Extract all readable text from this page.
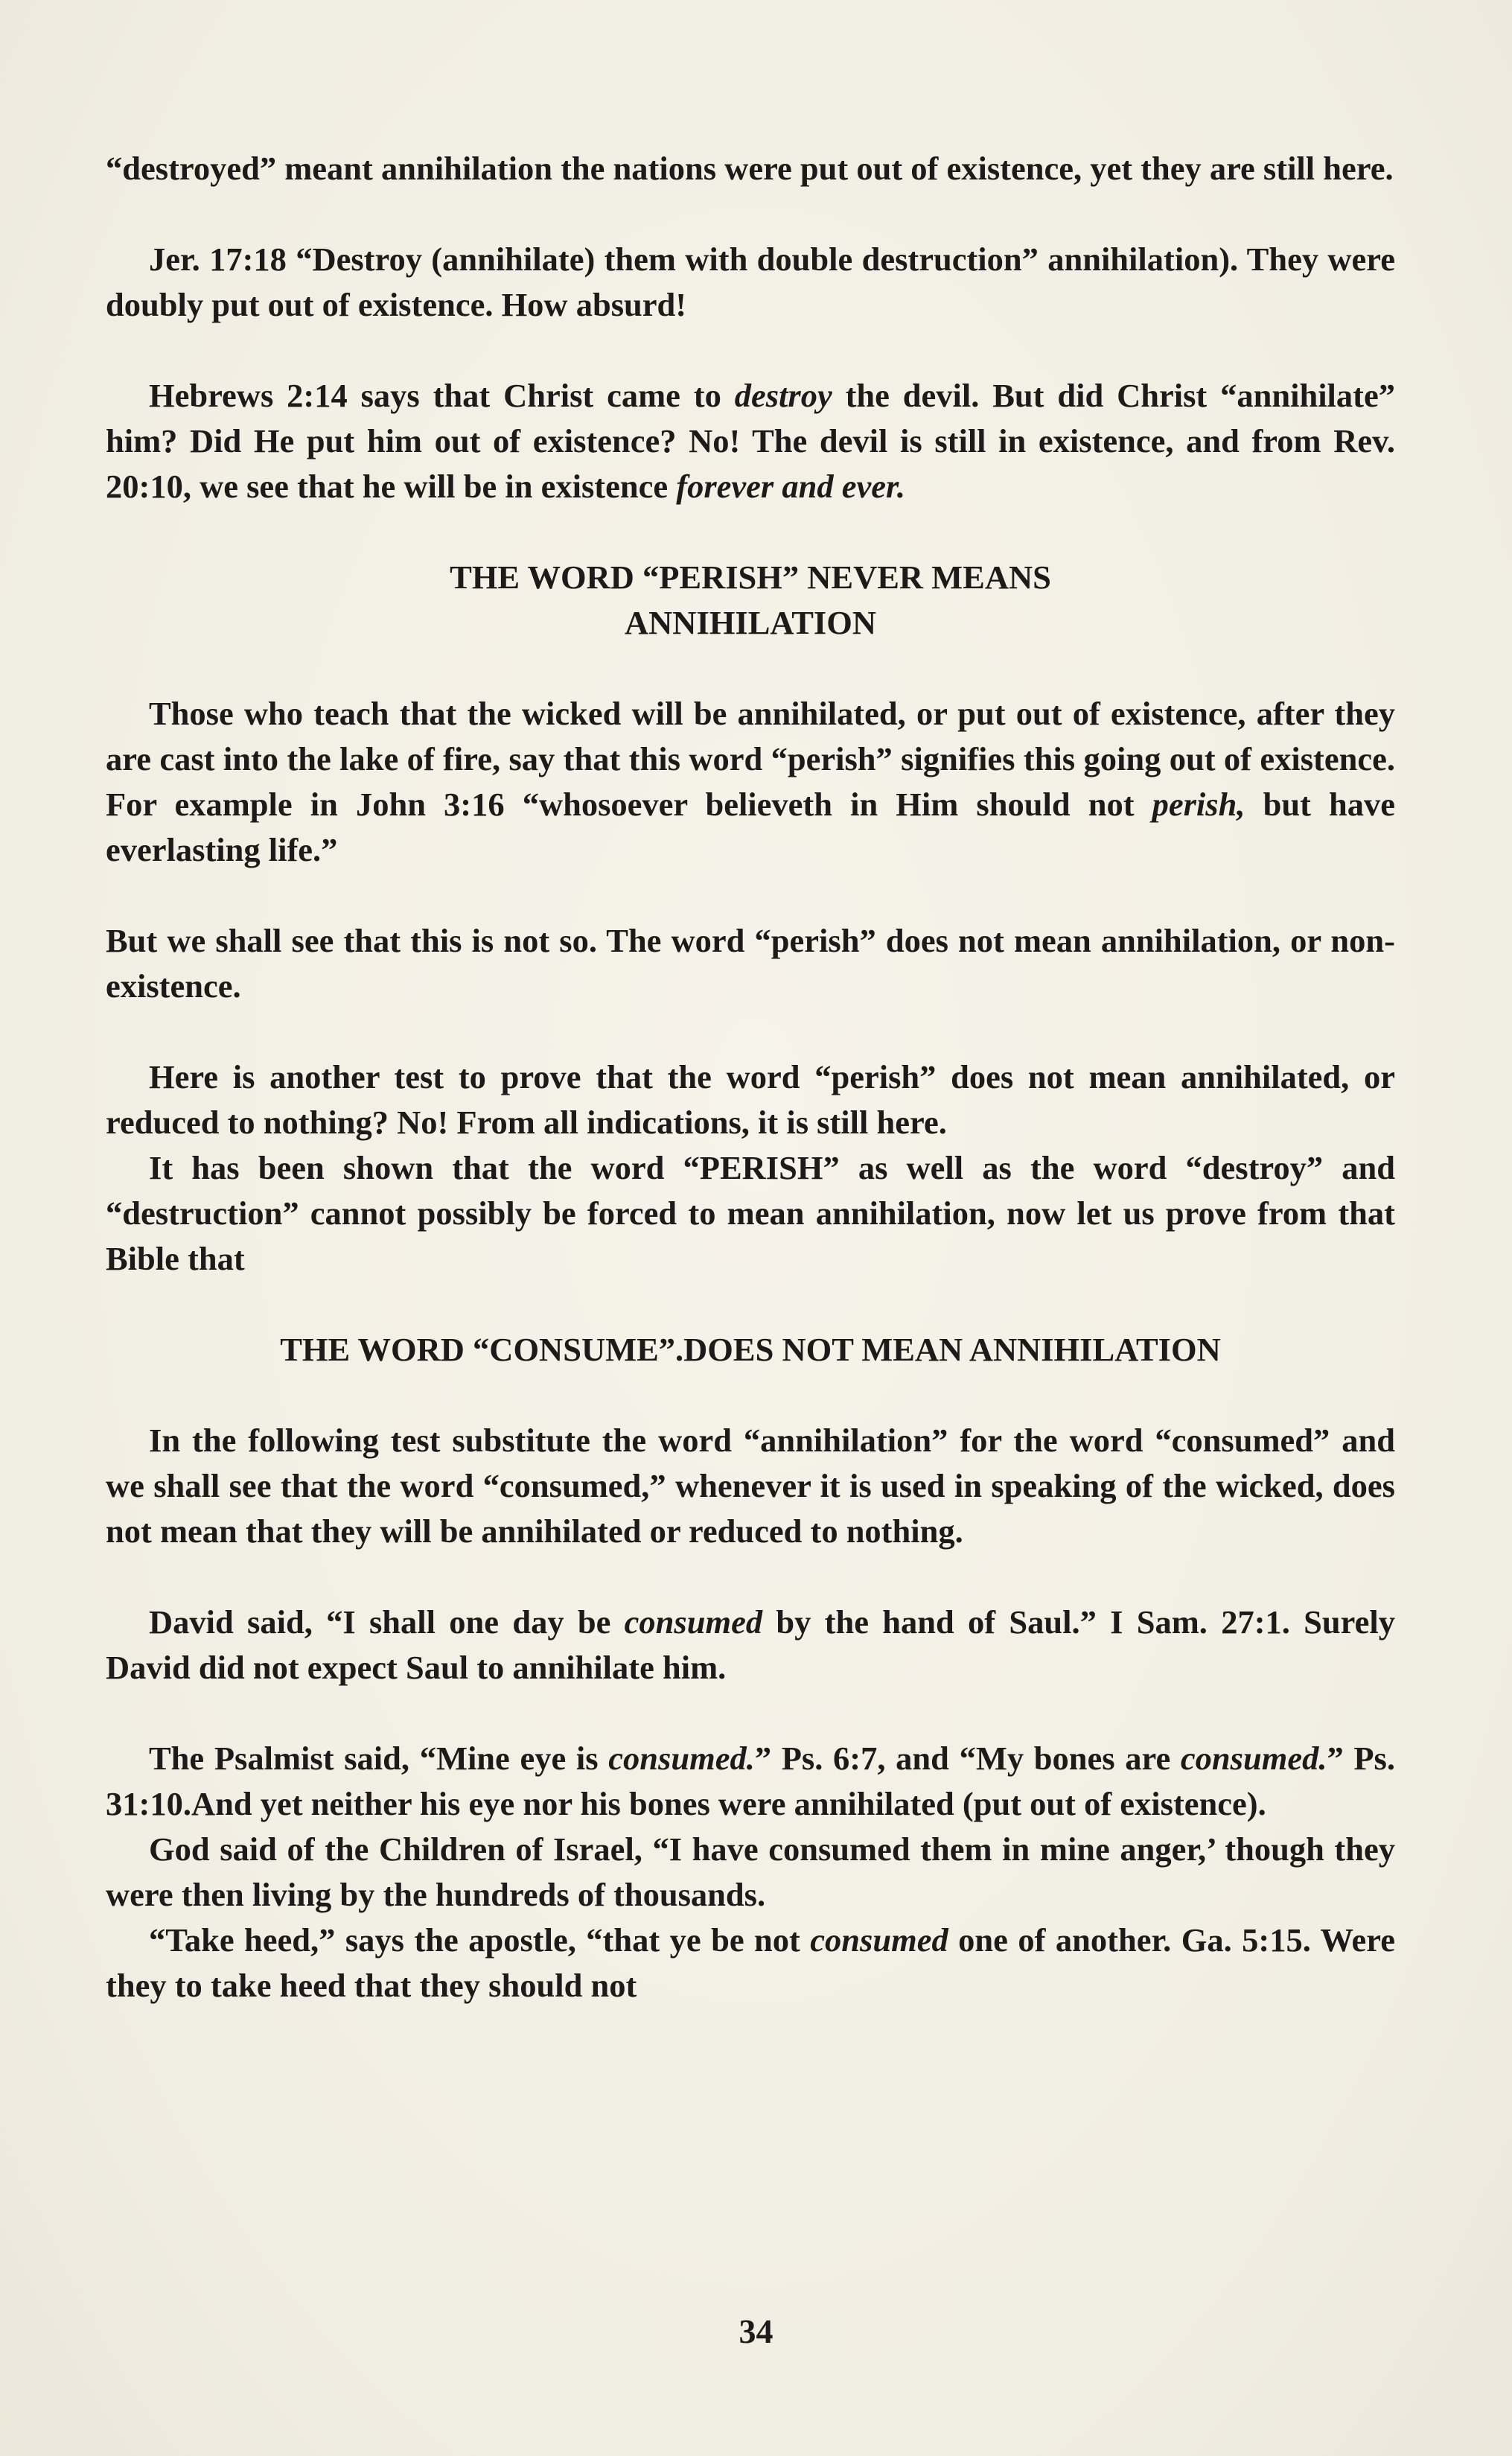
“destroyed” meant annihilation the nations were put out of existence, yet they are still here.

Jer. 17:18 “Destroy (annihilate) them with double destruction” annihilation). They were doubly put out of existence. How absurd!

Hebrews 2:14 says that Christ came to destroy the devil. But did Christ “annihilate” him? Did He put him out of existence? No! The devil is still in existence, and from Rev. 20:10, we see that he will be in existence forever and ever.

THE WORD “PERISH” NEVER MEANS
ANNIHILATION

Those who teach that the wicked will be annihilated, or put out of existence, after they are cast into the lake of fire, say that this word “perish” signifies this going out of existence. For example in John 3:16 “whosoever believeth in Him should not perish, but have everlasting life.”

But we shall see that this is not so. The word “perish” does not mean annihilation, or non-existence.

Here is another test to prove that the word “perish” does not mean annihilated, or reduced to nothing? No! From all indications, it is still here.

It has been shown that the word “PERISH” as well as the word “destroy” and “destruction” cannot possibly be forced to mean annihilation, now let us prove from that Bible that

THE WORD “CONSUME”.DOES NOT MEAN ANNIHILATION

In the following test substitute the word “annihilation” for the word “consumed” and we shall see that the word “consumed,” whenever it is used in speaking of the wicked, does not mean that they will be annihilated or reduced to nothing.

David said, “I shall one day be consumed by the hand of Saul.” I Sam. 27:1. Surely David did not expect Saul to annihilate him.

The Psalmist said, “Mine eye is consumed.” Ps. 6:7, and “My bones are consumed.” Ps. 31:10.And yet neither his eye nor his bones were annihilated (put out of existence).

God said of the Children of Israel, “I have consumed them in mine anger,’ though they were then living by the hundreds of thousands.

“Take heed,” says the apostle, “that ye be not consumed one of another. Ga. 5:15. Were they to take heed that they should not

34
